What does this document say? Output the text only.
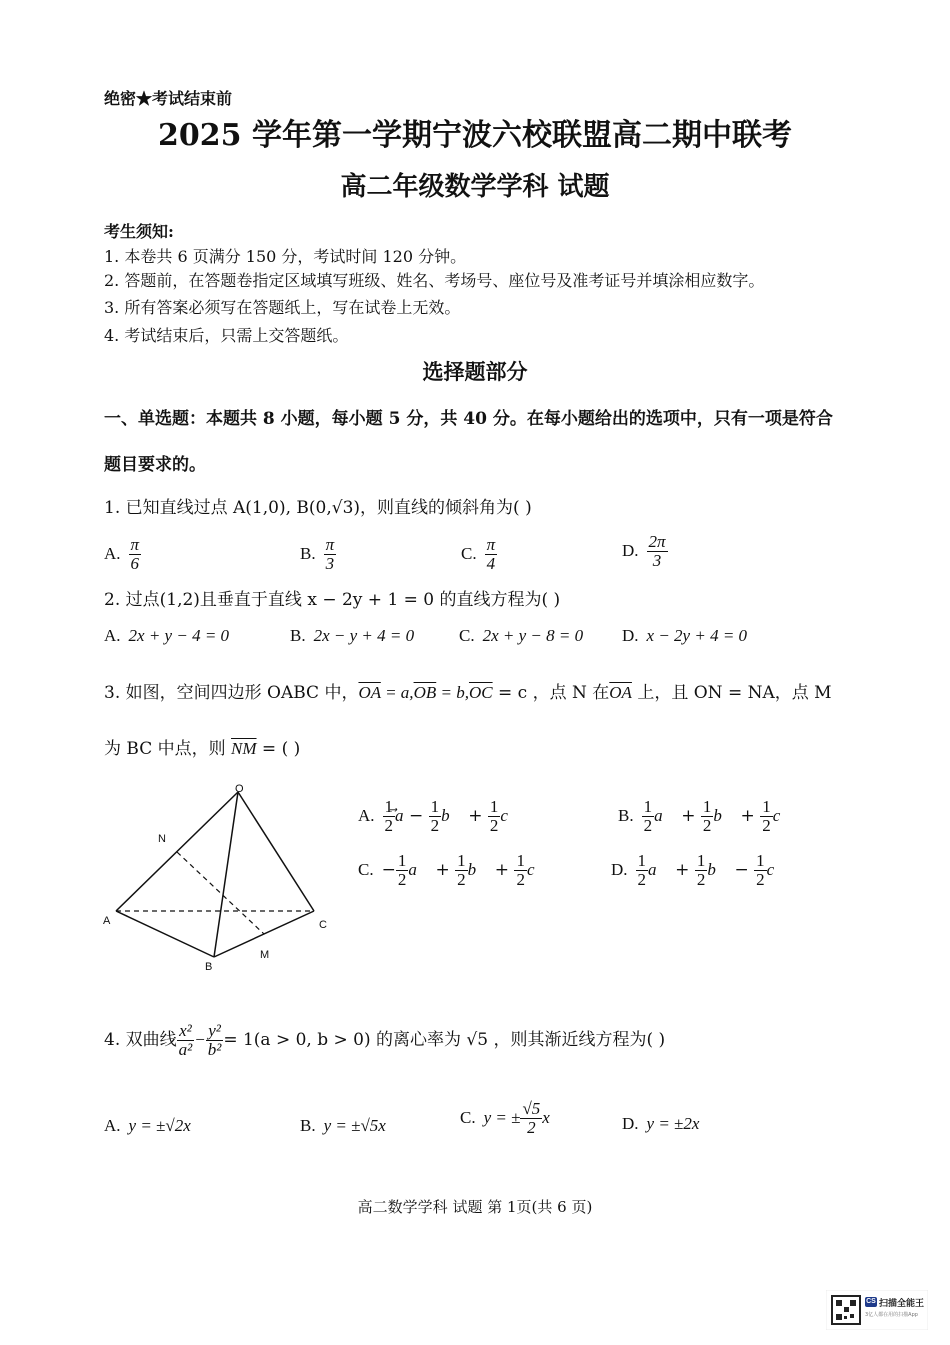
绝密★考试结束前
2025 学年第一学期宁波六校联盟高二期中联考
高二年级数学学科 试题
考生须知:
1. 本卷共 6 页满分 150 分，考试时间 120 分钟。
2. 答题前，在答题卷指定区域填写班级、姓名、考场号、座位号及准考证号并填涂相应数字。
3. 所有答案必须写在答题纸上，写在试卷上无效。
4. 考试结束后，只需上交答题纸。
选择题部分
一、单选题：本题共 8 小题，每小题 5 分，共 40 分。在每小题给出的选项中，只有一项是符合
题目要求的。
1. 已知直线过点 A(1,0), B(0,√3)，则直线的倾斜角为( )
A. $\frac{\pi}{6}$	B. $\frac{\pi}{3}$	C. $\frac{\pi}{4}$	D. $\frac{2\pi}{3}$
2. 过点(1,2)且垂直于直线 x − 2y + 1 = 0 的直线方程为( )
A. 2x + y − 4 = 0	B. 2x − y + 4 = 0	C. 2x + y − 8 = 0 D. x − 2y + 4 = 0
3. 如图，空间四边形 OABC 中，$\overline{OA} = a,\overline{OB} = b,\overline{OC} = c$ ，点 N 在$\overline{OA}$ 上，且 ON = NA，点 M
为 BC 中点，则 $\overline{NM}$ = ( )
O
N
A	C
B
M
A. $\frac{1}{2}$ $a - \frac{1}{2}$ b⃗ + $\frac{1}{2}$ c⃗	B. $\frac{1}{2}$ a⃗ + $\frac{1}{2}$ b⃗ + $\frac{1}{2}$ c⃗
C. − $\frac{1}{2}$ a⃗ + $\frac{1}{2}$ b⃗ + $\frac{1}{2}$ c⃗	D. $\frac{1}{2}$ a⃗ + $\frac{1}{2}$ b⃗ − $\frac{1}{2}$ c⃗
4. 双曲线 $\frac{\text{x²}}{\text{a²}} - \frac{\text{y²}}{\text{b²}} = 1(a > 0$, b > 0) 的离心率为 √5 ，则其渐近线方程为( )
A. y = ±√2x	B. y = ±√5x	C. y = ± $\frac{√5}{2}$ x	D. y = ±2x
高二数学学科 试题 第 1页(共 6 页)
CS 扫描全能王
3亿人都在用的扫描App
